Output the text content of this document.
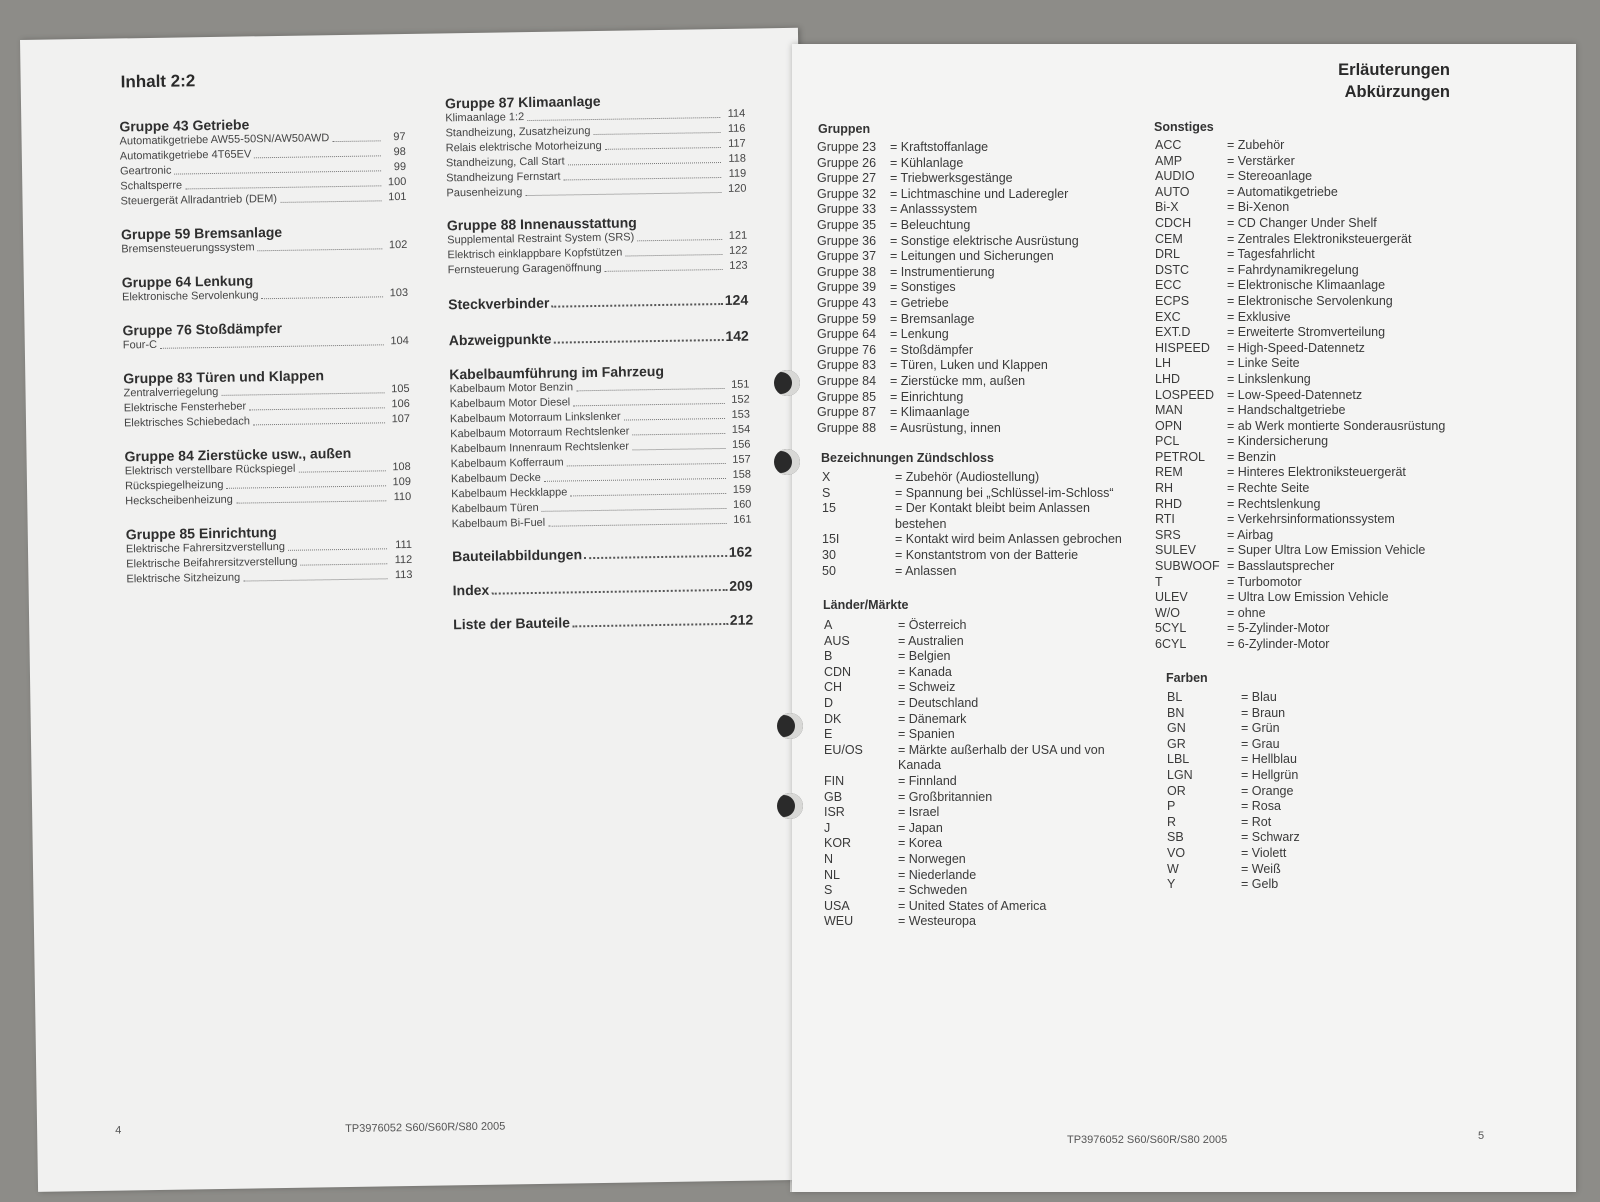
Inhalt 2:2
Gruppe 43 Getriebe
Automatikgetriebe AW55-50SN/AW50AWD	97
Automatikgetriebe 4T65EV	98
Geartronic	99
Schaltsperre	100
Steuergerät Allradantrieb (DEM)	101
Gruppe 59 Bremsanlage
Bremsensteuerungssystem	102
Gruppe 64 Lenkung
Elektronische Servolenkung	103
Gruppe 76 Stoßdämpfer
Four-C	104
Gruppe 83 Türen und Klappen
Zentralverriegelung	105
Elektrische Fensterheber	106
Elektrisches Schiebedach	107
Gruppe 84 Zierstücke usw., außen
Elektrisch verstellbare Rückspiegel	108
Rückspiegelheizung	109
Heckscheibenheizung	110
Gruppe 85 Einrichtung
Elektrische Fahrersitzverstellung	111
Elektrische Beifahrersitzverstellung	112
Elektrische Sitzheizung	113
Gruppe 87 Klimaanlage
Klimaanlage 1:2	114
Standheizung, Zusatzheizung	116
Relais elektrische Motorheizung	117
Standheizung, Call Start	118
Standheizung Fernstart	119
Pausenheizung	120
Gruppe 88 Innenausstattung
Supplemental Restraint System (SRS)	121
Elektrisch einklappbare Kopfstützen	122
Fernsteuerung Garagenöffnung	123
Steckverbinder	124
Abzweigpunkte	142
Kabelbaumführung im Fahrzeug
Kabelbaum Motor Benzin	151
Kabelbaum Motor Diesel	152
Kabelbaum Motorraum Linkslenker	153
Kabelbaum Motorraum Rechtslenker	154
Kabelbaum Innenraum Rechtslenker	156
Kabelbaum Kofferraum	157
Kabelbaum Decke	158
Kabelbaum Heckklappe	159
Kabelbaum Türen	160
Kabelbaum Bi-Fuel	161
Bauteilabbildungen	162
Index	209
Liste der Bauteile	212
4	TP3976052 S60/S60R/S80 2005
Erläuterungen
Abkürzungen
Gruppen
Gruppe 23	= Kraftstoffanlage
Gruppe 26	= Kühlanlage
Gruppe 27	= Triebwerksgestänge
Gruppe 32	= Lichtmaschine und Laderegler
Gruppe 33	= Anlasssystem
Gruppe 35	= Beleuchtung
Gruppe 36	= Sonstige elektrische Ausrüstung
Gruppe 37	= Leitungen und Sicherungen
Gruppe 38	= Instrumentierung
Gruppe 39	= Sonstiges
Gruppe 43	= Getriebe
Gruppe 59	= Bremsanlage
Gruppe 64	= Lenkung
Gruppe 76	= Stoßdämpfer
Gruppe 83	= Türen, Luken und Klappen
Gruppe 84	= Zierstücke mm, außen
Gruppe 85	= Einrichtung
Gruppe 87	= Klimaanlage
Gruppe 88	= Ausrüstung, innen
Bezeichnungen Zündschloss
X	= Zubehör (Audiostellung)
S	= Spannung bei „Schlüssel-im-Schloss“
15	= Der Kontakt bleibt beim Anlassen
bestehen
15I	= Kontakt wird beim Anlassen gebrochen
30	= Konstantstrom von der Batterie
50	= Anlassen
Länder/Märkte
A	= Österreich
AUS	= Australien
B	= Belgien
CDN	= Kanada
CH	= Schweiz
D	= Deutschland
DK	= Dänemark
E	= Spanien
EU/OS	= Märkte außerhalb der USA und von
Kanada
FIN	= Finnland
GB	= Großbritannien
ISR	= Israel
J	= Japan
KOR	= Korea
N	= Norwegen
NL	= Niederlande
S	= Schweden
USA	= United States of America
WEU	= Westeuropa
Sonstiges
ACC	= Zubehör
AMP	= Verstärker
AUDIO	= Stereoanlage
AUTO	= Automatikgetriebe
Bi-X	= Bi-Xenon
CDCH	= CD Changer Under Shelf
CEM	= Zentrales Elektroniksteuergerät
DRL	= Tagesfahrlicht
DSTC	= Fahrdynamikregelung
ECC	= Elektronische Klimaanlage
ECPS	= Elektronische Servolenkung
EXC	= Exklusive
EXT.D	= Erweiterte Stromverteilung
HISPEED	= High-Speed-Datennetz
LH	= Linke Seite
LHD	= Linkslenkung
LOSPEED	= Low-Speed-Datennetz
MAN	= Handschaltgetriebe
OPN	= ab Werk montierte Sonderausrüstung
PCL	= Kindersicherung
PETROL	= Benzin
REM	= Hinteres Elektroniksteuergerät
RH	= Rechte Seite
RHD	= Rechtslenkung
RTI	= Verkehrsinformationssystem
SRS	= Airbag
SULEV	= Super Ultra Low Emission Vehicle
SUBWOOF = Basslautsprecher
T	= Turbomotor
ULEV	= Ultra Low Emission Vehicle
W/O	= ohne
5CYL	= 5-Zylinder-Motor
6CYL	= 6-Zylinder-Motor
Farben
BL	= Blau
BN	= Braun
GN	= Grün
GR	= Grau
LBL	= Hellblau
LGN	= Hellgrün
OR	= Orange
P	= Rosa
R	= Rot
SB	= Schwarz
VO	= Violett
W	= Weiß
Y	= Gelb
TP3976052 S60/S60R/S80 2005	5
